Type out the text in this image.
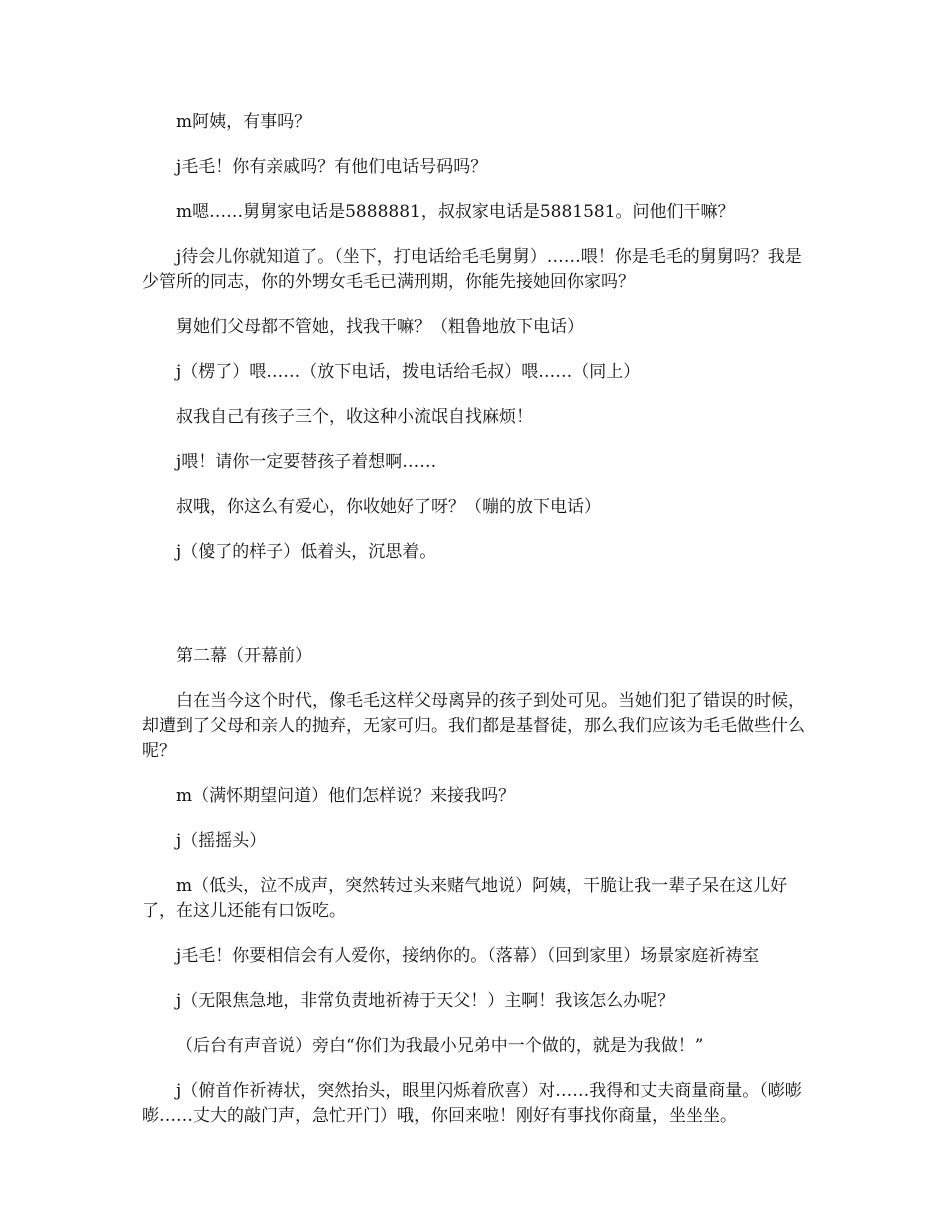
m阿姨，有事吗？

j毛毛！你有亲戚吗？有他们电话号码吗？

m嗯……舅舅家电话是5888881，叔叔家电话是5881581。问他们干嘛？

j待会儿你就知道了。（坐下，打电话给毛毛舅舅）……喂！你是毛毛的舅舅吗？我是少管所的同志，你的外甥女毛毛已满刑期，你能先接她回你家吗？

舅她们父母都不管她，找我干嘛？（粗鲁地放下电话）

j（楞了）喂……（放下电话，拨电话给毛叔）喂……（同上）

叔我自己有孩子三个，收这种小流氓自找麻烦！

j喂！请你一定要替孩子着想啊……

叔哦，你这么有爱心，你收她好了呀？（嘣的放下电话）

j（傻了的样子）低着头，沉思着。

第二幕（开幕前）

白在当今这个时代，像毛毛这样父母离异的孩子到处可见。当她们犯了错误的时候，却遭到了父母和亲人的抛弃，无家可归。我们都是基督徒，那么我们应该为毛毛做些什么呢？

m（满怀期望问道）他们怎样说？来接我吗？

j（摇摇头）

m（低头，泣不成声，突然转过头来赌气地说）阿姨，干脆让我一辈子呆在这儿好了，在这儿还能有口饭吃。

j毛毛！你要相信会有人爱你，接纳你的。（落幕）（回到家里）场景家庭祈祷室

j（无限焦急地，非常负责地祈祷于天父！）主啊！我该怎么办呢？

（后台有声音说）旁白“你们为我最小兄弟中一个做的，就是为我做！”

j（俯首作祈祷状，突然抬头，眼里闪烁着欣喜）对……我得和丈夫商量商量。（嘭嘭嘭……丈大的敲门声，急忙开门）哦，你回来啦！刚好有事找你商量，坐坐坐。
